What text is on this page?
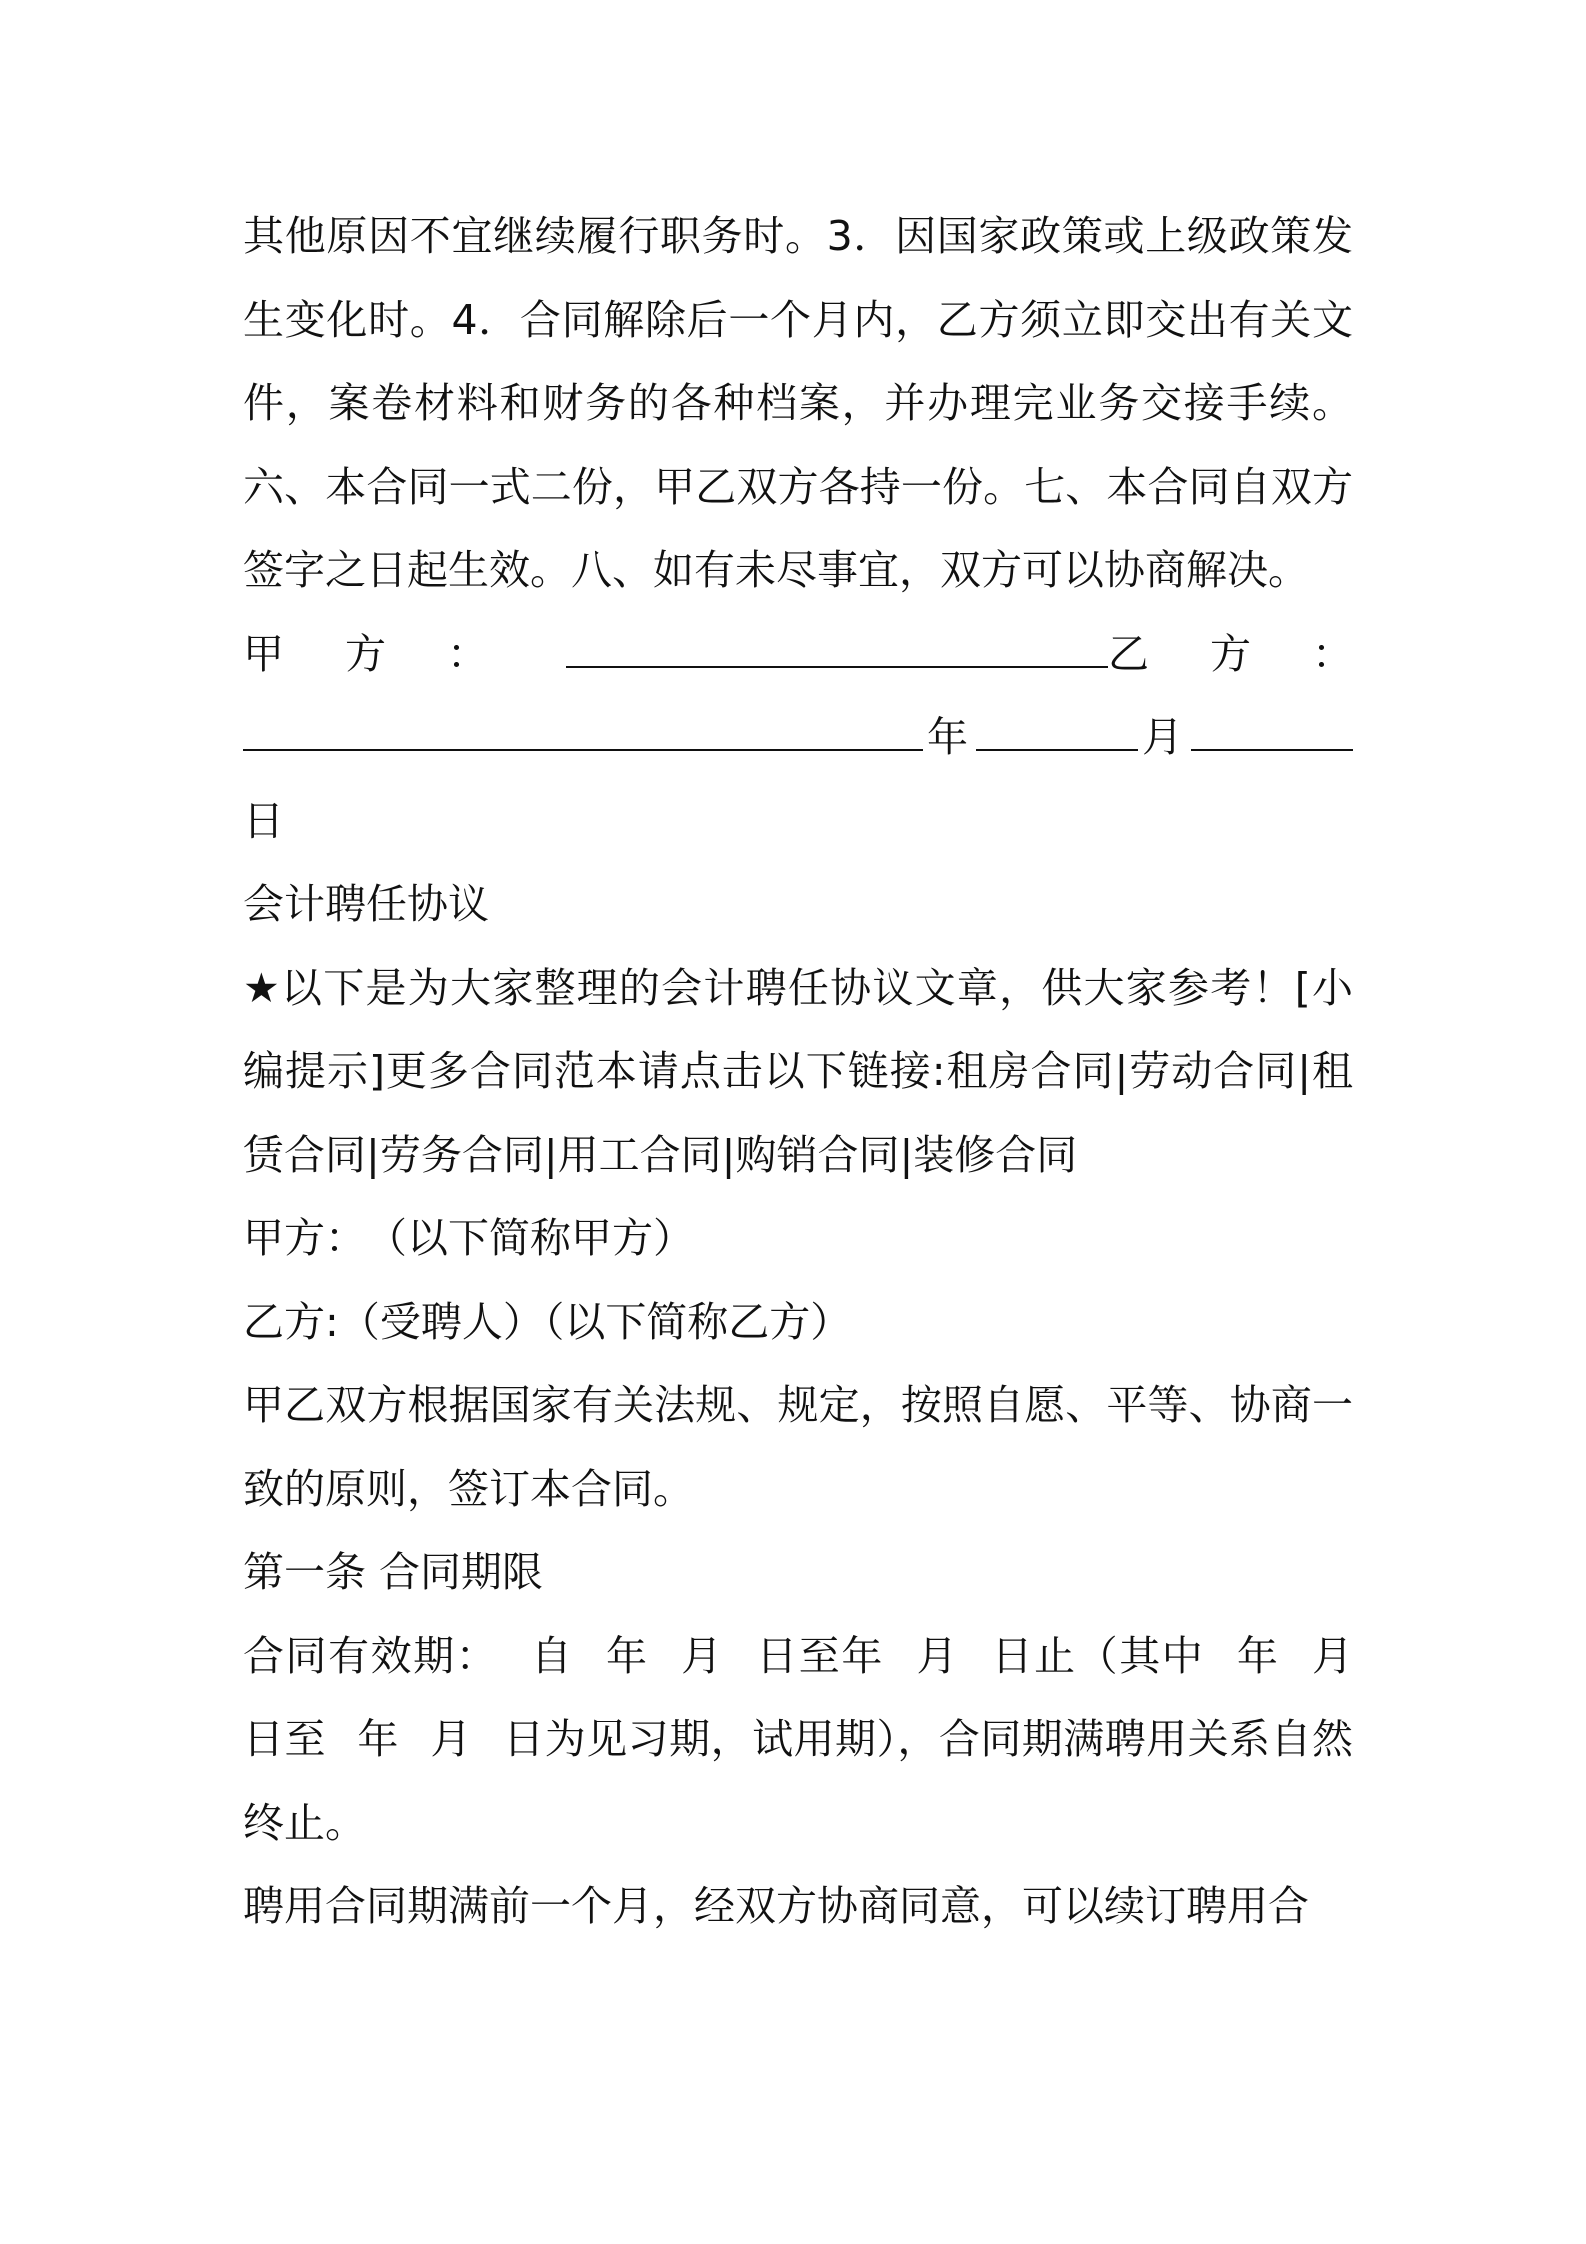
其他原因不宜继续履行职务时。3．因国家政策或上级政策发生变化时。4．合同解除后一个月内，乙方须立即交出有关文件，案卷材料和财务的各种档案，并办理完业务交接手续。六、本合同一式二份，甲乙双方各持一份。七、本合同自双方签字之日起生效。八、如有未尽事宜，双方可以协商解决。

甲 方 ：	乙 方 ：
年	月
日
会计聘任协议

★以下是为大家整理的会计聘任协议文章，供大家参考！[小编提示]更多合同范本请点击以下链接:租房合同|劳动合同|租赁合同|劳务合同|用工合同|购销合同|装修合同

甲方：　（以下简称甲方）
乙方:（受聘人）（以下简称乙方）

甲乙双方根据国家有关法规、规定，按照自愿、平等、协商一致的原则，签订本合同。

第一条 合同期限

合同有效期： 自 年 月 日至年 月 日止（其中 年 月 日至 年 月 日为见习期，试用期），合同期满聘用关系自然终止。

聘用合同期满前一个月，经双方协商同意，可以续订聘用合
